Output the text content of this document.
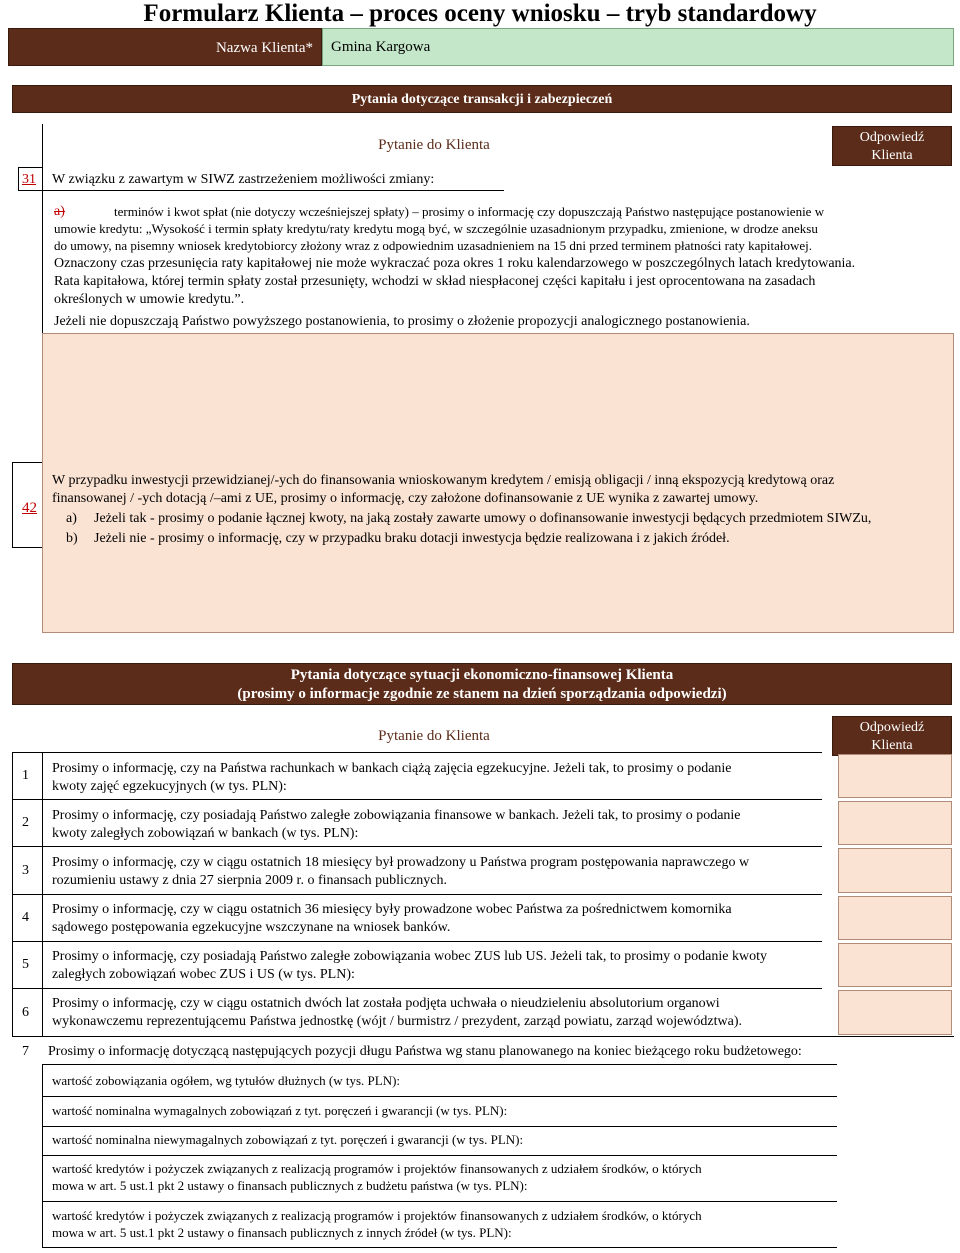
Formularz Klienta – proces oceny wniosku – tryb standardowy
Nazwa Klienta*	Gmina Kargowa
Pytania dotyczące transakcji i zabezpieczeń
Pytanie do Klienta	Odpowiedź
Klienta
31 W związku z zawartym w SIWZ zastrzeżeniem możliwości zmiany:
a)	terminów i kwot spłat (nie dotyczy wcześniejszej spłaty) – prosimy o informację czy dopuszczają Państwo następujące postanowienie w
umowie kredytu: „Wysokość i termin spłaty kredytu/raty kredytu mogą być, w szczególnie uzasadnionym przypadku, zmienione, w drodze aneksu
do umowy, na pisemny wniosek kredytobiorcy złożony wraz z odpowiednim uzasadnieniem na 15 dni przed terminem płatności raty kapitałowej.
Oznaczony czas przesunięcia raty kapitałowej nie może wykraczać poza okres 1 roku kalendarzowego w poszczególnych latach kredytowania.
Rata kapitałowa, której termin spłaty został przesunięty, wchodzi w skład niespłaconej części kapitału i jest oprocentowana na zasadach
określonych w umowie kredytu.”.
Jeżeli nie dopuszczają Państwo powyższego postanowienia, to prosimy o złożenie propozycji analogicznego postanowienia.
42
W przypadku inwestycji przewidzianej/-ych do finansowania wnioskowanym kredytem / emisją obligacji / inną ekspozycją kredytową oraz
finansowanej / -ych dotacją /–ami z UE, prosimy o informację, czy założone dofinansowanie z UE wynika z zawartej umowy.
a) Jeżeli tak - prosimy o podanie łącznej kwoty, na jaką zostały zawarte umowy o dofinansowanie inwestycji będących przedmiotem SIWZu,
b) Jeżeli nie - prosimy o informację, czy w przypadku braku dotacji inwestycja będzie realizowana i z jakich źródeł.
Pytania dotyczące sytuacji ekonomiczno-finansowej Klienta
(prosimy o informacje zgodnie ze stanem na dzień sporządzania odpowiedzi)
Pytanie do Klienta
Odpowiedź
Klienta
1 Prosimy o informację, czy na Państwa rachunkach w bankach ciążą zajęcia egzekucyjne. Jeżeli tak, to prosimy o podanie
kwoty zajęć egzekucyjnych (w tys. PLN):
2 Prosimy o informację, czy posiadają Państwo zaległe zobowiązania finansowe w bankach. Jeżeli tak, to prosimy o podanie
kwoty zaległych zobowiązań w bankach (w tys. PLN):
3
Prosimy o informację, czy w ciągu ostatnich 18 miesięcy był prowadzony u Państwa program postępowania naprawczego w
rozumieniu ustawy z dnia 27 sierpnia 2009 r. o finansach publicznych.
4
Prosimy o informację, czy w ciągu ostatnich 36 miesięcy były prowadzone wobec Państwa za pośrednictwem komornika
sądowego postępowania egzekucyjne wszczynane na wniosek banków.
5
Prosimy o informację, czy posiadają Państwo zaległe zobowiązania wobec ZUS lub US. Jeżeli tak, to prosimy o podanie kwoty
zaległych zobowiązań wobec ZUS i US (w tys. PLN):
6
Prosimy o informację, czy w ciągu ostatnich dwóch lat została podjęta uchwała o nieudzieleniu absolutorium organowi
wykonawczemu reprezentującemu Państwa jednostkę (wójt / burmistrz / prezydent, zarząd powiatu, zarząd województwa).
7 Prosimy o informację dotyczącą następujących pozycji długu Państwa wg stanu planowanego na koniec bieżącego roku budżetowego:
wartość zobowiązania ogółem, wg tytułów dłużnych (w tys. PLN):
wartość nominalna wymagalnych zobowiązań z tyt. poręczeń i gwarancji (w tys. PLN):
wartość nominalna niewymagalnych zobowiązań z tyt. poręczeń i gwarancji (w tys. PLN):
wartość kredytów i pożyczek związanych z realizacją programów i projektów finansowanych z udziałem środków, o których
mowa w art. 5 ust.1 pkt 2 ustawy o finansach publicznych z budżetu państwa (w tys. PLN):
wartość kredytów i pożyczek związanych z realizacją programów i projektów finansowanych z udziałem środków, o których
mowa w art. 5 ust.1 pkt 2 ustawy o finansach publicznych z innych źródeł (w tys. PLN):
